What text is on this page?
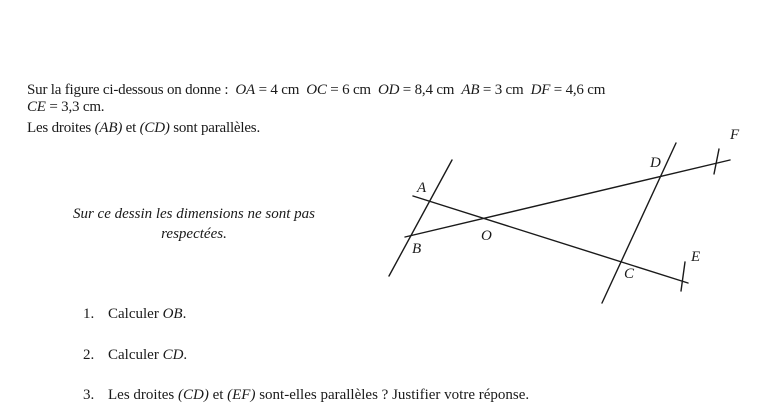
Sur la figure ci-dessous on donne : OA = 4 cm OC = 6 cm OD = 8,4 cm AB = 3 cm DF = 4,6 cm
CE = 3,3 cm.
Les droites (AB) et (CD) sont parallèles.
Sur ce dessin les dimensions ne sont pas
respectées.
A
B
O
D
F
C
E
1. Calculer OB.
2. Calculer CD.
3. Les droites (CD) et (EF) sont-elles parallèles ? Justifier votre réponse.
